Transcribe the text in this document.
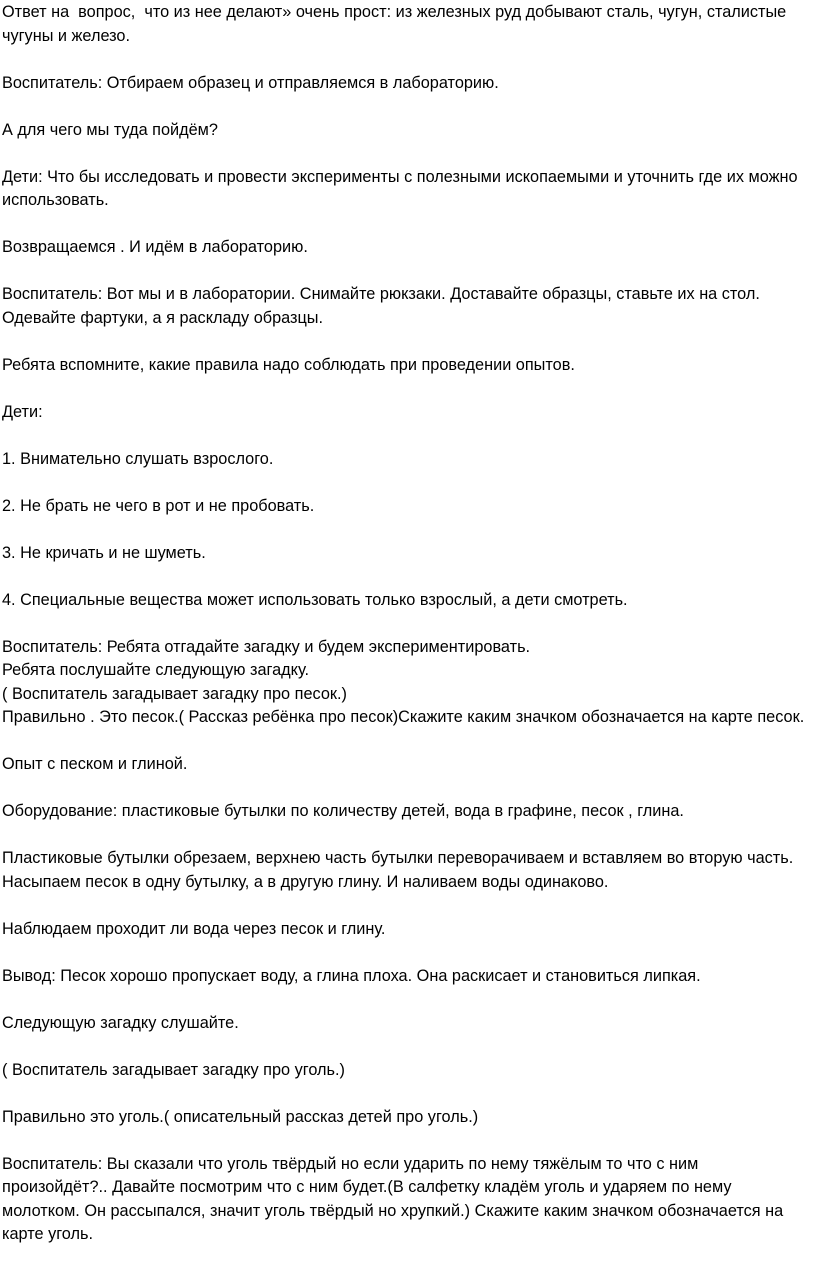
Ответ на  вопрос,  что из нее делают» очень прост: из железных руд добывают сталь, чугун, сталистые чугуны и железо.

Воспитатель: Отбираем образец и отправляемся в лабораторию.

А для чего мы туда пойдём?

Дети: Что бы исследовать и провести эксперименты с полезными ископаемыми и уточнить где их можно использовать.

Возвращаемся . И идём в лабораторию.

Воспитатель: Вот мы и в лаборатории. Снимайте рюкзаки. Доставайте образцы, ставьте их на стол. Одевайте фартуки, а я раскладу образцы.

Ребята вспомните, какие правила надо соблюдать при проведении опытов.

Дети:

1. Внимательно слушать взрослого.

2. Не брать не чего в рот и не пробовать.

3. Не кричать и не шуметь.

4. Специальные вещества может использовать только взрослый, а дети смотреть.

Воспитатель: Ребята отгадайте загадку и будем экспериментировать.

Ребята послушайте следующую загадку.

( Воспитатель загадывает загадку про песок.)

Правильно . Это песок.( Рассказ ребёнка про песок)Скажите каким значком обозначается на карте песок.

Опыт с песком и глиной.

Оборудование: пластиковые бутылки по количеству детей, вода в графине, песок , глина.

Пластиковые бутылки обрезаем, верхнею часть бутылки переворачиваем и вставляем во вторую часть. Насыпаем песок в одну бутылку, а в другую глину. И наливаем воды одинаково.

Наблюдаем проходит ли вода через песок и глину.

Вывод: Песок хорошо пропускает воду, а глина плоха. Она раскисает и становиться липкая.

Следующую загадку слушайте.

( Воспитатель загадывает загадку про уголь.)

Правильно это уголь.( описательный рассказ детей про уголь.)

Воспитатель: Вы сказали что уголь твёрдый но если ударить по нему тяжёлым то что с ним произойдёт?.. Давайте посмотрим что с ним будет.(В салфетку кладём уголь и ударяем по нему молотком. Он рассыпался, значит уголь твёрдый но хрупкий.) Скажите каким значком обозначается на карте уголь.
